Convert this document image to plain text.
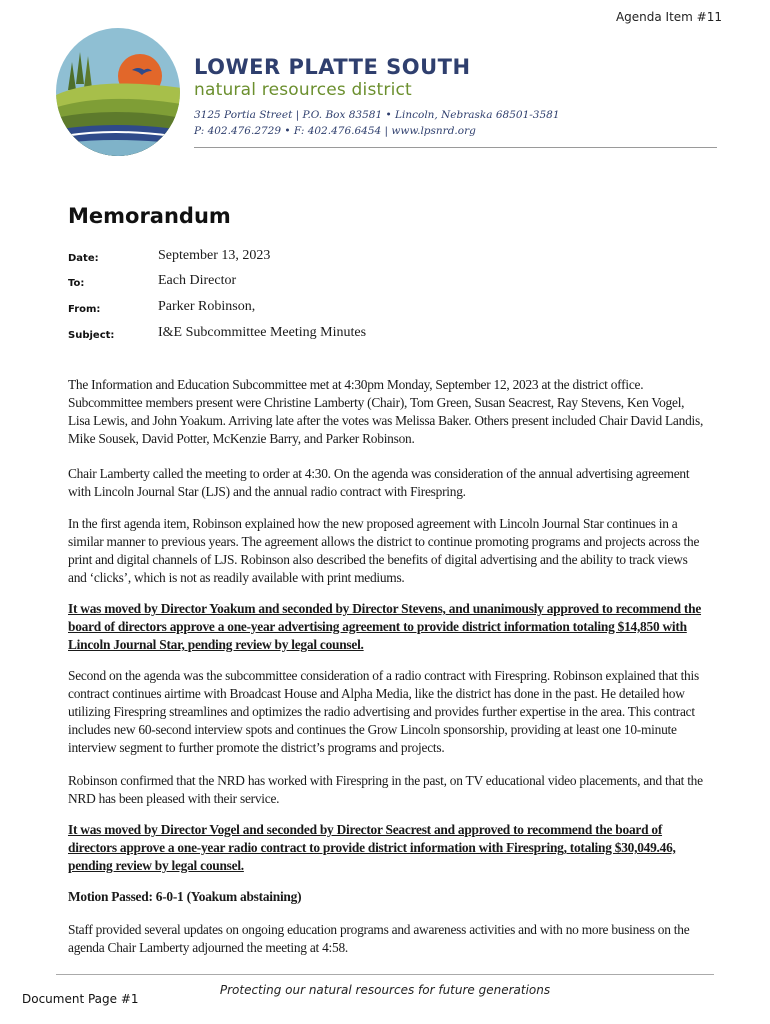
Agenda Item #11
LOWER PLATTE SOUTH
natural resources district
3125 Portia Street | P.O. Box 83581 • Lincoln, Nebraska 68501-3581
P: 402.476.2729 • F: 402.476.6454 | www.lpsnrd.org
Memorandum
Date:	September 13, 2023
To:	Each Director
From:	Parker Robinson,
Subject:	I&E Subcommittee Meeting Minutes

The Information and Education Subcommittee met at 4:30pm Monday, September 12, 2023 at the district office. Subcommittee members present were Christine Lamberty (Chair), Tom Green, Susan Seacrest, Ray Stevens, Ken Vogel, Lisa Lewis, and John Yoakum. Arriving late after the votes was Melissa Baker. Others present included Chair David Landis, Mike Sousek, David Potter, McKenzie Barry, and Parker Robinson.

Chair Lamberty called the meeting to order at 4:30. On the agenda was consideration of the annual advertising agreement with Lincoln Journal Star (LJS) and the annual radio contract with Firespring.

In the first agenda item, Robinson explained how the new proposed agreement with Lincoln Journal Star continues in a similar manner to previous years. The agreement allows the district to continue promoting programs and projects across the print and digital channels of LJS. Robinson also described the benefits of digital advertising and the ability to track views and ‘clicks’, which is not as readily available with print mediums.

It was moved by Director Yoakum and seconded by Director Stevens, and unanimously approved to recommend the board of directors approve a one-year advertising agreement to provide district information totaling $14,850 with Lincoln Journal Star, pending review by legal counsel.

Second on the agenda was the subcommittee consideration of a radio contract with Firespring. Robinson explained that this contract continues airtime with Broadcast House and Alpha Media, like the district has done in the past. He detailed how utilizing Firespring streamlines and optimizes the radio advertising and provides further expertise in the area. This contract includes new 60-second interview spots and continues the Grow Lincoln sponsorship, providing at least one 10-minute interview segment to further promote the district’s programs and projects.

Robinson confirmed that the NRD has worked with Firespring in the past, on TV educational video placements, and that the NRD has been pleased with their service.

It was moved by Director Vogel and seconded by Director Seacrest and approved to recommend the board of directors approve a one-year radio contract to provide district information with Firespring, totaling $30,049.46, pending review by legal counsel.

Motion Passed: 6-0-1 (Yoakum abstaining)

Staff provided several updates on ongoing education programs and awareness activities and with no more business on the agenda Chair Lamberty adjourned the meeting at 4:58.

Protecting our natural resources for future generations
Document Page #1
